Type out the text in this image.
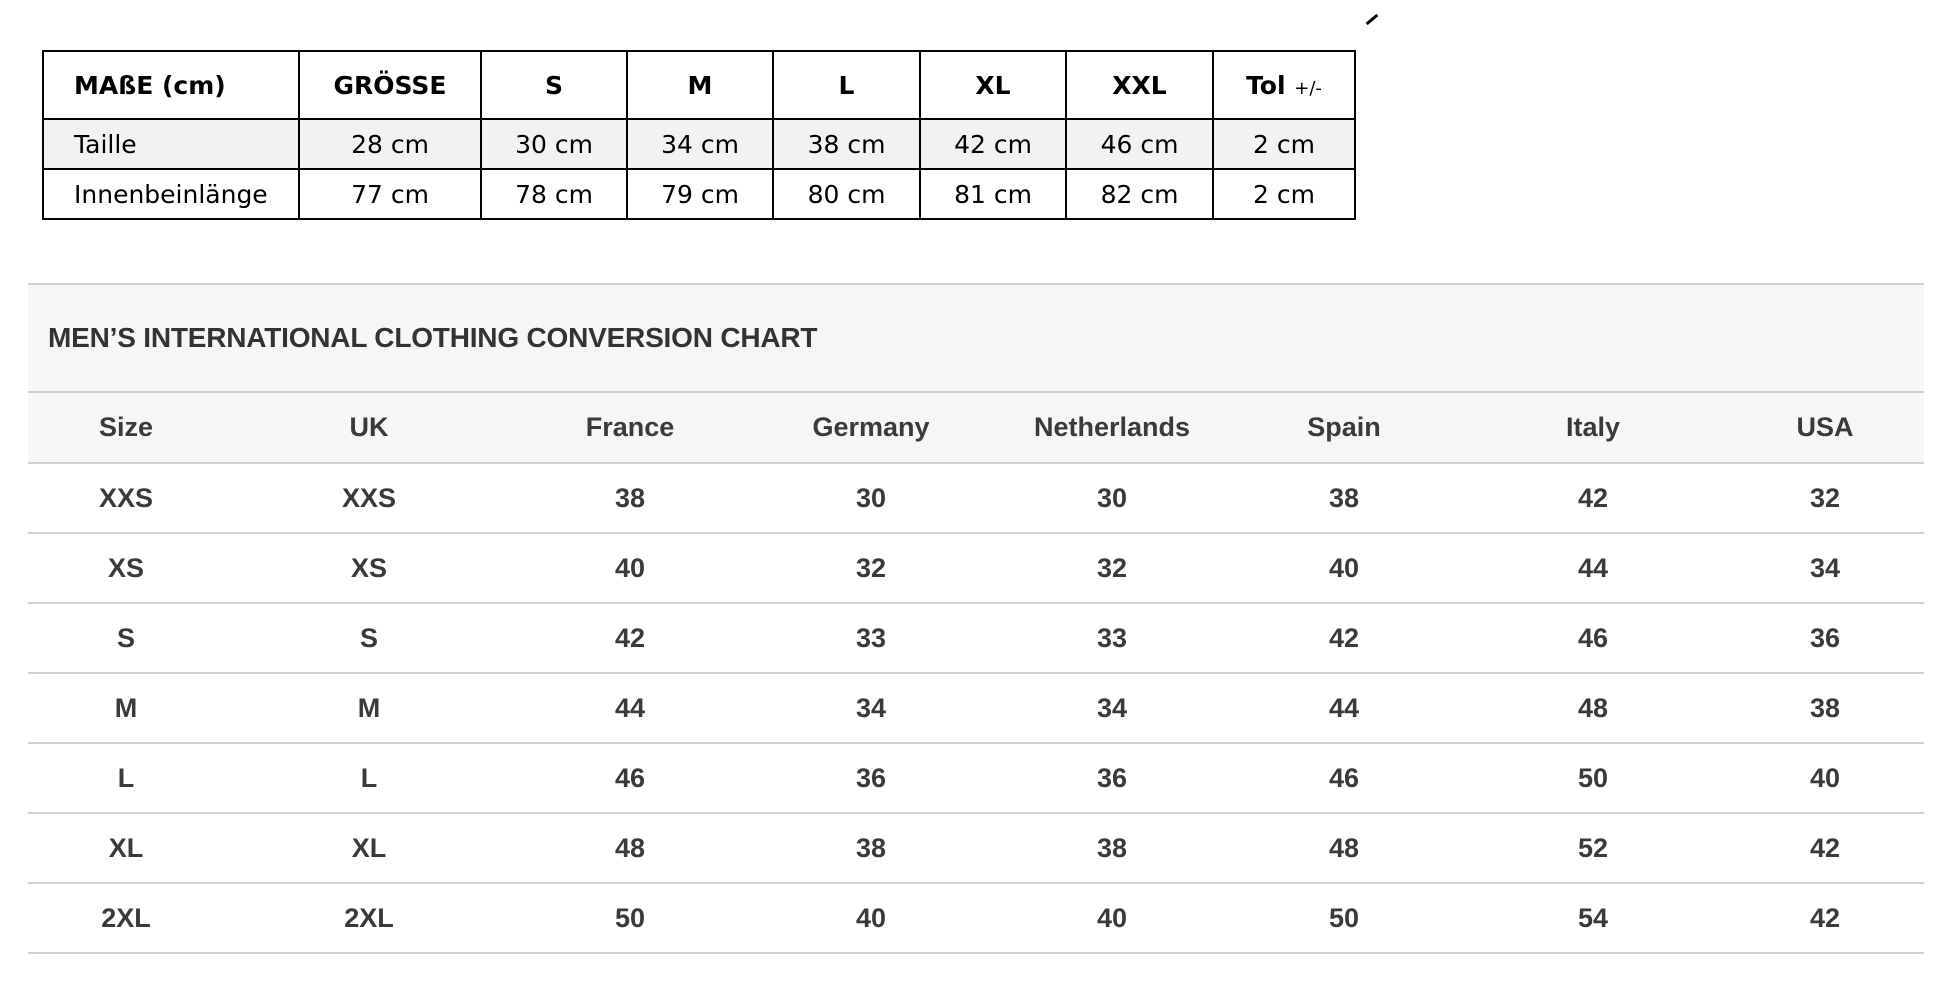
MAßE (cm)	GRÖSSE	S	M	L	XL	XXL	Tol +/-
Taille	28 cm	30 cm	34 cm	38 cm	42 cm	46 cm	2 cm
Innenbeinlänge	77 cm	78 cm	79 cm	80 cm	81 cm	82 cm	2 cm
MEN’S INTERNATIONAL CLOTHING CONVERSION CHART
Size	UK	France	Germany	Netherlands	Spain	Italy	USA
XXS	XXS	38	30	30	38	42	32
XS	XS	40	32	32	40	44	34
S	S	42	33	33	42	46	36
M	M	44	34	34	44	48	38
L	L	46	36	36	46	50	40
XL	XL	48	38	38	48	52	42
2XL	2XL	50	40	40	50	54	42
